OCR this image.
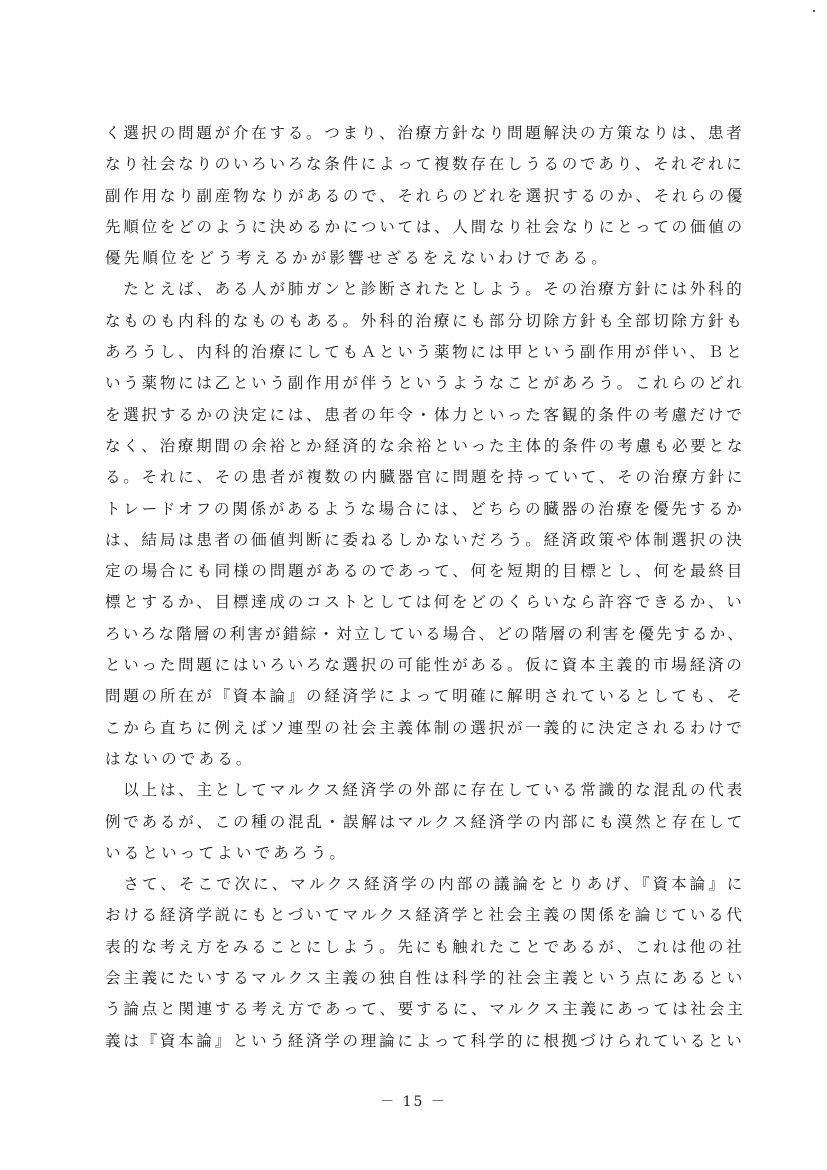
く選択の問題が介在する。つまり、治療方針なり問題解決の方策なりは、患者
なり社会なりのいろいろな条件によって複数存在しうるのであり、それぞれに
副作用なり副産物なりがあるので、それらのどれを選択するのか、それらの優
先順位をどのように決めるかについては、人間なり社会なりにとっての価値の
優先順位をどう考えるかが影響せざるをえないわけである。
　たとえば、ある人が肺ガンと診断されたとしよう。その治療方針には外科的
なものも内科的なものもある。外科的治療にも部分切除方針も全部切除方針も
あろうし、内科的治療にしてもＡという薬物には甲という副作用が伴い、Ｂと
いう薬物には乙という副作用が伴うというようなことがあろう。これらのどれ
を選択するかの決定には、患者の年令・体力といった客観的条件の考慮だけで
なく、治療期間の余裕とか経済的な余裕といった主体的条件の考慮も必要とな
る。それに、その患者が複数の内臓器官に問題を持っていて、その治療方針に
トレードオフの関係があるような場合には、どちらの臓器の治療を優先するか
は、結局は患者の価値判断に委ねるしかないだろう。経済政策や体制選択の決
定の場合にも同様の問題があるのであって、何を短期的目標とし、何を最終目
標とするか、目標達成のコストとしては何をどのくらいなら許容できるか、い
ろいろな階層の利害が錯綜・対立している場合、どの階層の利害を優先するか、
といった問題にはいろいろな選択の可能性がある。仮に資本主義的市場経済の
問題の所在が『資本論』の経済学によって明確に解明されているとしても、そ
こから直ちに例えばソ連型の社会主義体制の選択が一義的に決定されるわけで
はないのである。
　以上は、主としてマルクス経済学の外部に存在している常識的な混乱の代表
例であるが、この種の混乱・誤解はマルクス経済学の内部にも漠然と存在して
いるといってよいであろう。
　さて、そこで次に、マルクス経済学の内部の議論をとりあげ、『資本論』に
おける経済学説にもとづいてマルクス経済学と社会主義の関係を論じている代
表的な考え方をみることにしよう。先にも触れたことであるが、これは他の社
会主義にたいするマルクス主義の独自性は科学的社会主義という点にあるとい
う論点と関連する考え方であって、要するに、マルクス主義にあっては社会主
義は『資本論』という経済学の理論によって科学的に根拠づけられているとい
－ 15 －
